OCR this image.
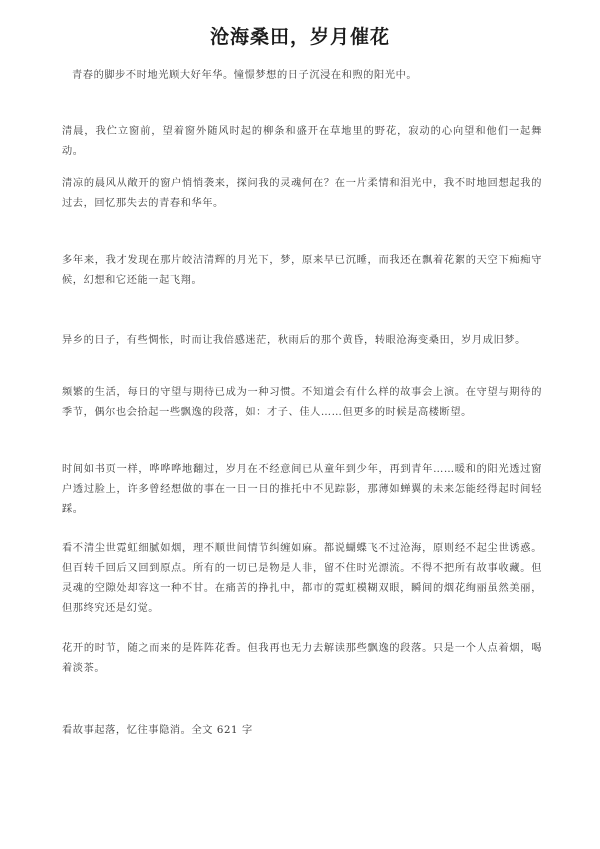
沧海桑田，岁月催花

青春的脚步不时地光顾大好年华。憧憬梦想的日子沉浸在和煦的阳光中。

清晨，我伫立窗前，望着窗外随风时起的柳条和盛开在草地里的野花，寂动的心向望和他们一起舞动。

清凉的晨风从敞开的窗户悄悄袭来，探问我的灵魂何在？在一片柔情和泪光中，我不时地回想起我的过去，回忆那失去的青春和华年。

多年来，我才发现在那片皎洁清辉的月光下，梦，原来早已沉睡，而我还在飘着花絮的天空下痴痴守候，幻想和它还能一起飞翔。

异乡的日子，有些惆怅，时而让我倍感迷茫，秋雨后的那个黄昏，转眼沧海变桑田，岁月成旧梦。

频繁的生活，每日的守望与期待已成为一种习惯。不知道会有什么样的故事会上演。在守望与期待的季节，偶尔也会拾起一些飘逸的段落，如：才子、佳人……但更多的时候是高楼断望。

时间如书页一样，哗哗哗地翻过，岁月在不经意间已从童年到少年，再到青年……暖和的阳光透过窗户透过脸上，许多曾经想做的事在一日一日的推托中不见踪影，那薄如蝉翼的未来怎能经得起时间轻踩。

看不清尘世霓虹细腻如烟，理不顺世间情节纠缠如麻。都说蝴蝶飞不过沧海，原则经不起尘世诱惑。但百转千回后又回到原点。所有的一切已是物是人非，留不住时光漂流。不得不把所有故事收藏。但灵魂的空隙处却容这一种不甘。在痛苦的挣扎中，都市的霓虹模糊双眼，瞬间的烟花绚丽虽然美丽，但那终究还是幻觉。

花开的时节，随之而来的是阵阵花香。但我再也无力去解读那些飘逸的段落。只是一个人点着烟，喝着淡茶。

看故事起落，忆往事隐消。全文 621 字
